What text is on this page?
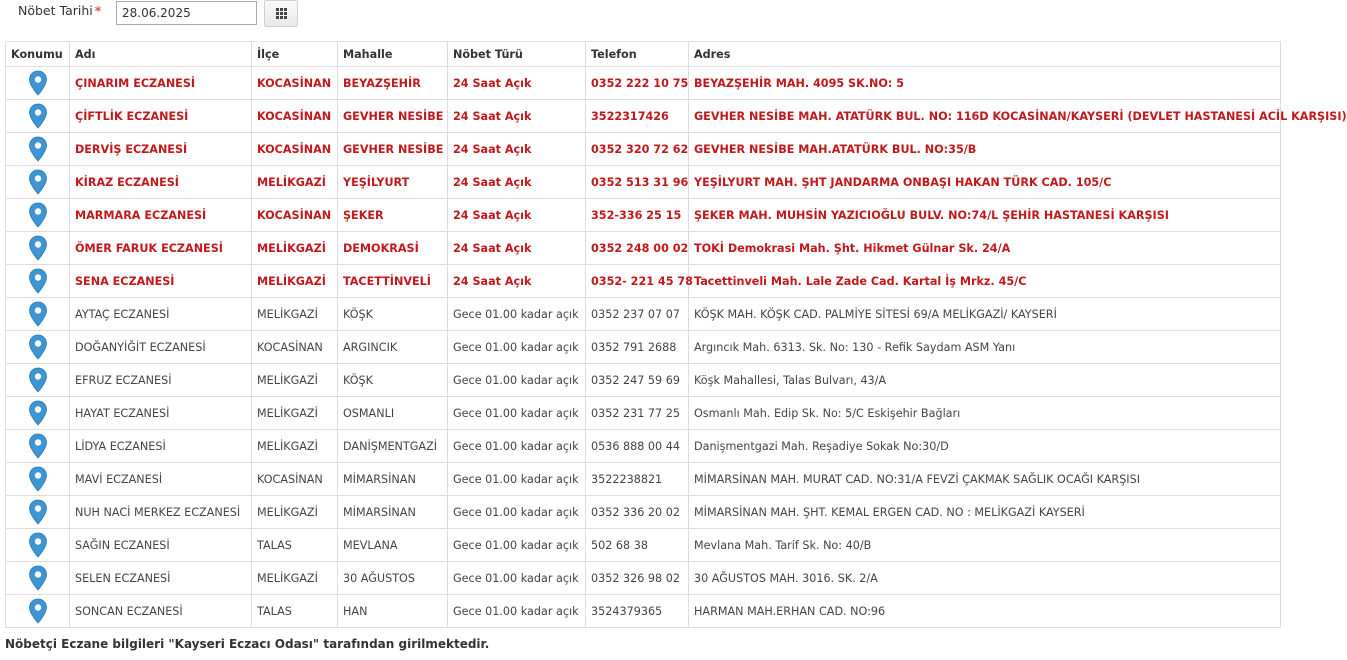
Nöbet Tarihi *
28.06.2025
Konumu	Adı	İlçe	Mahalle	Nöbet Türü	Telefon	Adres
	ÇINARIM ECZANESİ	KOCASİNAN	BEYAZŞEHİR	24 Saat Açık	0352 222 10 75	BEYAZŞEHİR MAH. 4095 SK.NO: 5
	ÇİFTLİK ECZANESİ	KOCASİNAN	GEVHER NESİBE	24 Saat Açık	3522317426	GEVHER NESİBE MAH. ATATÜRK BUL. NO: 116D KOCASİNAN/KAYSERİ (DEVLET HASTANESİ ACİL KARŞISI)
	DERVİŞ ECZANESİ	KOCASİNAN	GEVHER NESİBE	24 Saat Açık	0352 320 72 62	GEVHER NESİBE MAH.ATATÜRK BUL. NO:35/B
	KİRAZ ECZANESİ	MELİKGAZİ	YEŞİLYURT	24 Saat Açık	0352 513 31 96	YEŞİLYURT MAH. ŞHT JANDARMA ONBAŞI HAKAN TÜRK CAD. 105/C
	MARMARA ECZANESİ	KOCASİNAN	ŞEKER	24 Saat Açık	352-336 25 15	ŞEKER MAH. MUHSİN YAZICIOĞLU BULV. NO:74/L ŞEHİR HASTANESİ KARŞISI
	ÖMER FARUK ECZANESİ	MELİKGAZİ	DEMOKRASİ	24 Saat Açık	0352 248 00 02	TOKİ Demokrasi Mah. Şht. Hikmet Gülnar Sk. 24/A
	SENA ECZANESİ	MELİKGAZİ	TACETTİNVELİ	24 Saat Açık	0352- 221 45 78	Tacettinveli Mah. Lale Zade Cad. Kartal İş Mrkz. 45/C
	AYTAÇ ECZANESİ	MELİKGAZİ	KÖŞK	Gece 01.00 kadar açık	0352 237 07 07	KÖŞK MAH. KÖŞK CAD. PALMİYE SİTESİ 69/A MELİKGAZİ/ KAYSERİ
	DOĞANYİĞİT ECZANESİ	KOCASİNAN	ARGINCIK	Gece 01.00 kadar açık	0352 791 2688	Argıncık Mah. 6313. Sk. No: 130 - Refik Saydam ASM Yanı
	EFRUZ ECZANESİ	MELİKGAZİ	KÖŞK	Gece 01.00 kadar açık	0352 247 59 69	Köşk Mahallesi, Talas Bulvarı, 43/A
	HAYAT ECZANESİ	MELİKGAZİ	OSMANLI	Gece 01.00 kadar açık	0352 231 77 25	Osmanlı Mah. Edip Sk. No: 5/C Eskişehir Bağları
	LİDYA ECZANESİ	MELİKGAZİ	DANİŞMENTGAZİ	Gece 01.00 kadar açık	0536 888 00 44	Danişmentgazi Mah. Reşadiye Sokak No:30/D
	MAVİ ECZANESİ	KOCASİNAN	MİMARSİNAN	Gece 01.00 kadar açık	3522238821	MİMARSİNAN MAH. MURAT CAD. NO:31/A FEVZİ ÇAKMAK SAĞLIK OCAĞI KARŞISI
	NUH NACİ MERKEZ ECZANESİ	MELİKGAZİ	MİMARSİNAN	Gece 01.00 kadar açık	0352 336 20 02	MİMARSİNAN MAH. ŞHT. KEMAL ERGEN CAD. NO : MELİKGAZİ KAYSERİ
	SAĞIN ECZANESİ	TALAS	MEVLANA	Gece 01.00 kadar açık	502 68 38	Mevlana Mah. Tarif Sk. No: 40/B
	SELEN ECZANESİ	MELİKGAZİ	30 AĞUSTOS	Gece 01.00 kadar açık	0352 326 98 02	30 AĞUSTOS MAH. 3016. SK. 2/A
	SONCAN ECZANESİ	TALAS	HAN	Gece 01.00 kadar açık	3524379365	HARMAN MAH.ERHAN CAD. NO:96
Nöbetçi Eczane bilgileri "Kayseri Eczacı Odası" tarafından girilmektedir.
